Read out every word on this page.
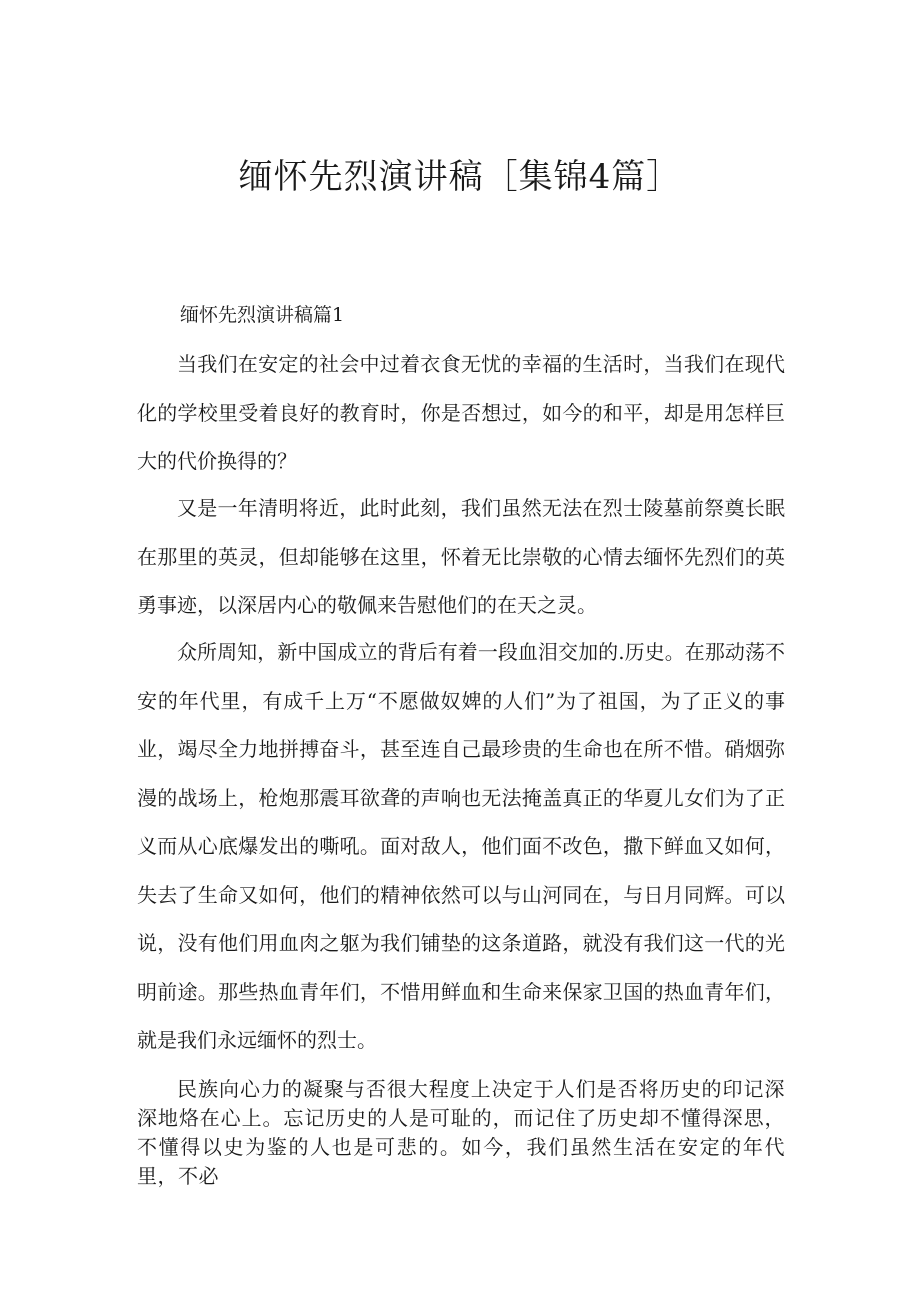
缅怀先烈演讲稿［集锦4篇］
缅怀先烈演讲稿篇1

当我们在安定的社会中过着衣食无忧的幸福的生活时，当我们在现代化的学校里受着良好的教育时，你是否想过，如今的和平，却是用怎样巨大的代价换得的？

又是一年清明将近，此时此刻，我们虽然无法在烈士陵墓前祭奠长眠在那里的英灵，但却能够在这里，怀着无比崇敬的心情去缅怀先烈们的英勇事迹，以深居内心的敬佩来告慰他们的在天之灵。

众所周知，新中国成立的背后有着一段血泪交加的.历史。在那动荡不安的年代里，有成千上万“不愿做奴婢的人们”为了祖国，为了正义的事业，竭尽全力地拼搏奋斗，甚至连自己最珍贵的生命也在所不惜。硝烟弥漫的战场上，枪炮那震耳欲聋的声响也无法掩盖真正的华夏儿女们为了正义而从心底爆发出的嘶吼。面对敌人，他们面不改色，撒下鲜血又如何，失去了生命又如何，他们的精神依然可以与山河同在，与日月同辉。可以说，没有他们用血肉之躯为我们铺垫的这条道路，就没有我们这一代的光明前途。那些热血青年们，不惜用鲜血和生命来保家卫国的热血青年们，就是我们永远缅怀的烈士。

民族向心力的凝聚与否很大程度上决定于人们是否将历史的印记深深地烙在心上。忘记历史的人是可耻的，而记住了历史却不懂得深思，不懂得以史为鉴的人也是可悲的。如今，我们虽然生活在安定的年代里，不必
